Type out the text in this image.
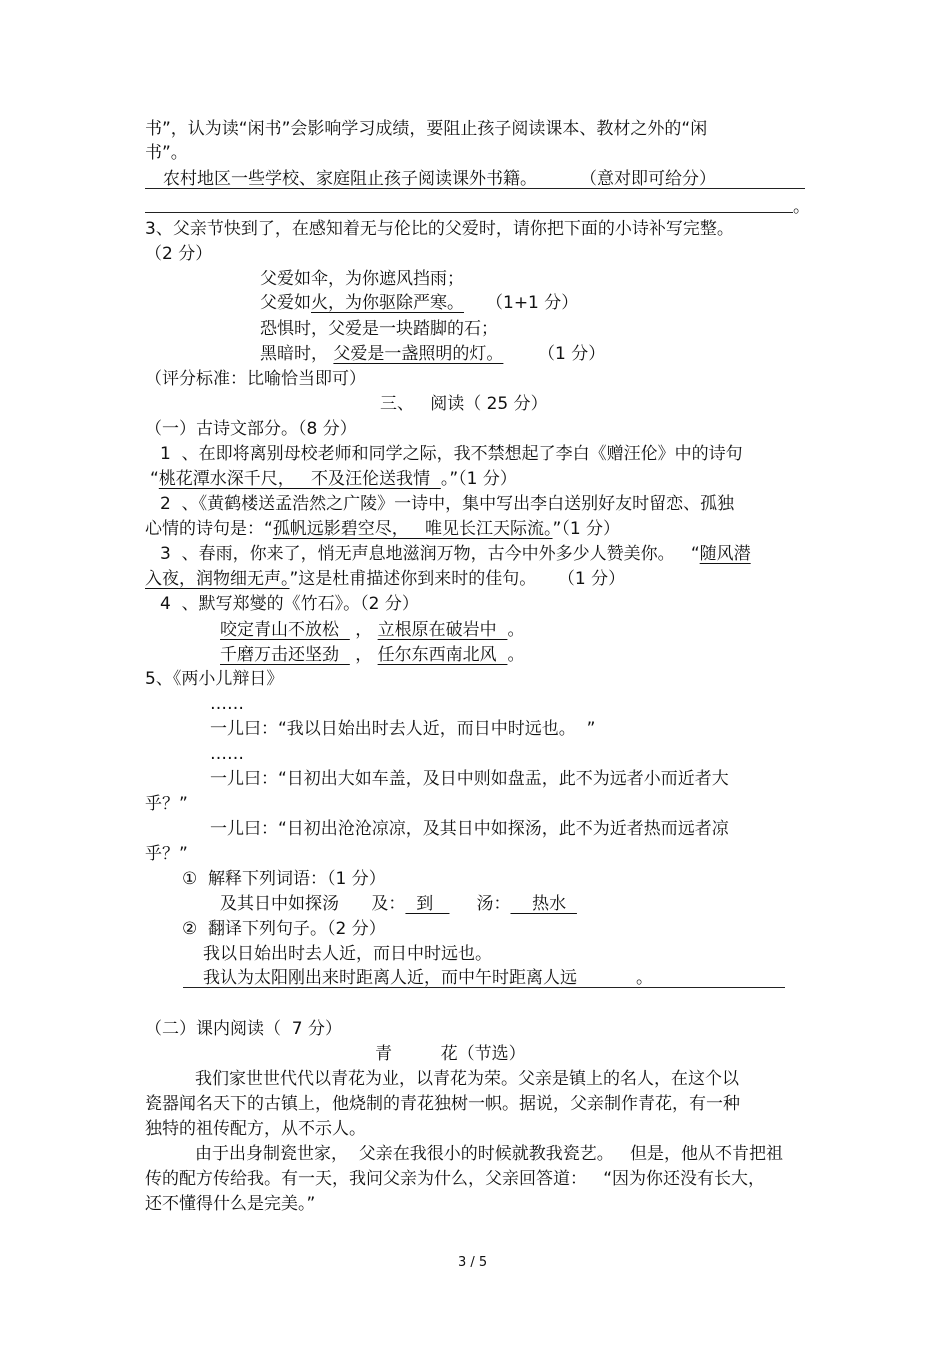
书”，认为读“闲书”会影响学习成绩，要阻止孩子阅读课本、教材之外的“闲
书”。
农村地区一些学校、家庭阻止孩子阅读课外书籍。	（意对即可给分）
。
3、父亲节快到了，在感知着无与伦比的父爱时，请你把下面的小诗补写完整。
（2 分）
父爱如伞，为你遮风挡雨；
父爱如火，为你驱除严寒。 （1+1 分）
恐惧时，父爱是一块踏脚的石；
黑暗时， 父爱是一盏照明的灯。 （1 分）
（评分标准：比喻恰当即可）
三、   阅读（ 25 分）
（一）古诗文部分。（8 分）
1  、在即将离别母校老师和同学之际，我不禁想起了李白《赠汪伦》中的诗句
“桃花潭水深千尺，   不及汪伦送我情  。”（1 分）
2  、《黄鹤楼送孟浩然之广陵》一诗中，集中写出李白送别好友时留恋、孤独
心情的诗句是：“孤帆远影碧空尽，   唯见长江天际流。”（1 分）
3  、春雨，你来了，悄无声息地滋润万物，古今中外多少人赞美你。   “随风潜
入夜，润物细无声。”这是杜甫描述你到来时的佳句。    （1 分）
4  、默写郑燮的《竹石》。（2 分）
咬定青山不放松   ， 立根原在破岩中  。
千磨万击还坚劲   ， 任尔东西南北风  。
5、《两小儿辩日》
……
一儿曰：“我以日始出时去人近，而日中时远也。  ”
……
一儿曰：“日初出大如车盖，及日中则如盘盂，此不为远者小而近者大
乎？”
一儿曰：“日初出沧沧凉凉，及其日中如探汤，此不为近者热而远者凉
乎？”
①  解释下列词语：（1 分）
及其日中如探汤      及：  到        汤：    热水
②  翻译下列句子。（2 分）
我以日始出时去人近，而日中时远也。
我认为太阳刚出来时距离人近，而中午时距离人远	。
（二）课内阅读（  7 分）
青         花（节选）
我们家世世代代以青花为业，以青花为荣。父亲是镇上的名人，在这个以
瓷器闻名天下的古镇上，他烧制的青花独树一帜。据说，父亲制作青花，有一种
独特的祖传配方，从不示人。
由于出身制瓷世家，  父亲在我很小的时候就教我瓷艺。   但是，他从不肯把祖
传的配方传给我。有一天，我问父亲为什么，父亲回答道：   “因为你还没有长大，
还不懂得什么是完美。”
3 / 5
